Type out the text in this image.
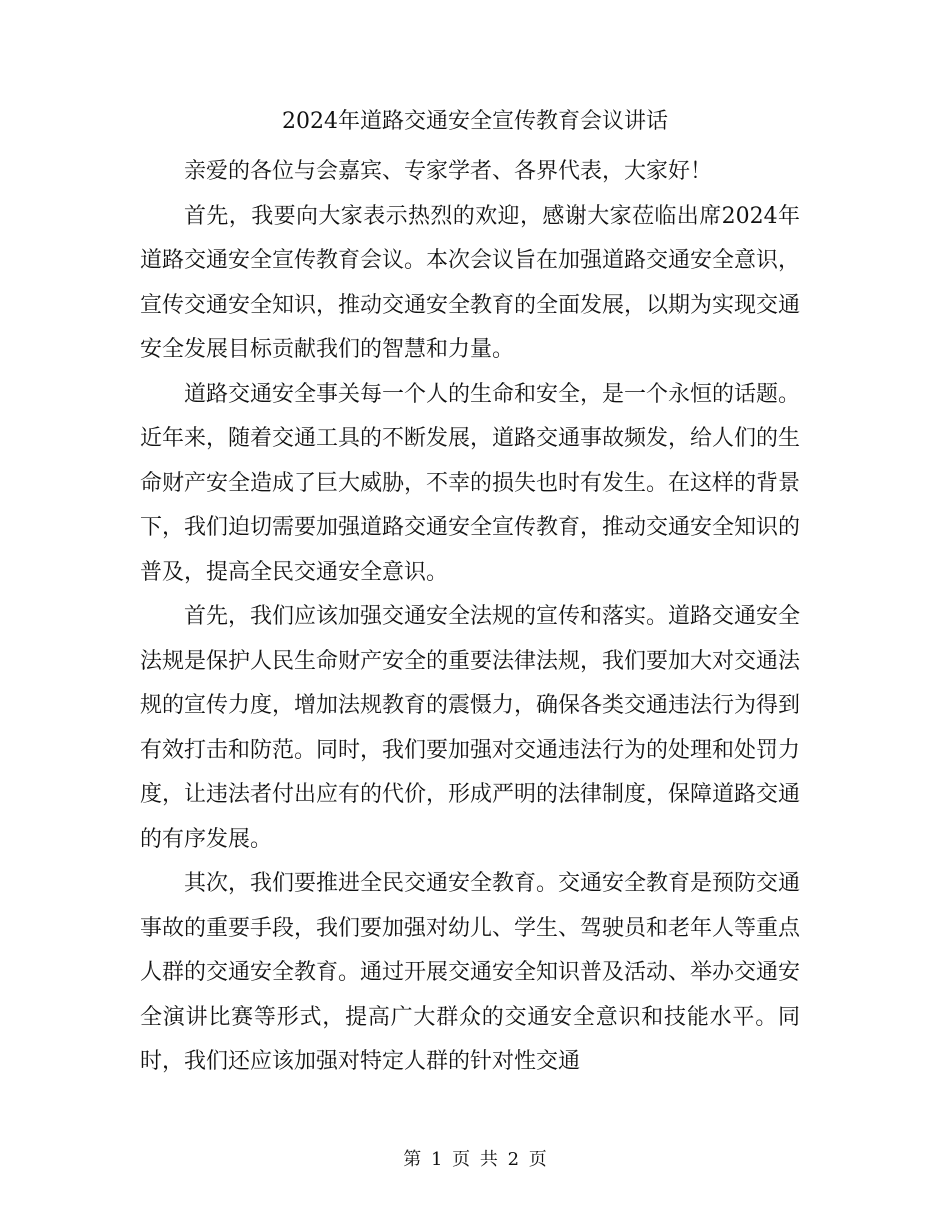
2024年道路交通安全宣传教育会议讲话

亲爱的各位与会嘉宾、专家学者、各界代表，大家好！

首先，我要向大家表示热烈的欢迎，感谢大家莅临出席2024年道路交通安全宣传教育会议。本次会议旨在加强道路交通安全意识，宣传交通安全知识，推动交通安全教育的全面发展，以期为实现交通安全发展目标贡献我们的智慧和力量。

道路交通安全事关每一个人的生命和安全，是一个永恒的话题。近年来，随着交通工具的不断发展，道路交通事故频发，给人们的生命财产安全造成了巨大威胁，不幸的损失也时有发生。在这样的背景下，我们迫切需要加强道路交通安全宣传教育，推动交通安全知识的普及，提高全民交通安全意识。

首先，我们应该加强交通安全法规的宣传和落实。道路交通安全法规是保护人民生命财产安全的重要法律法规，我们要加大对交通法规的宣传力度，增加法规教育的震慑力，确保各类交通违法行为得到有效打击和防范。同时，我们要加强对交通违法行为的处理和处罚力度，让违法者付出应有的代价，形成严明的法律制度，保障道路交通的有序发展。

其次，我们要推进全民交通安全教育。交通安全教育是预防交通事故的重要手段，我们要加强对幼儿、学生、驾驶员和老年人等重点人群的交通安全教育。通过开展交通安全知识普及活动、举办交通安全演讲比赛等形式，提高广大群众的交通安全意识和技能水平。同时，我们还应该加强对特定人群的针对性交通

第 1 页 共 2 页
